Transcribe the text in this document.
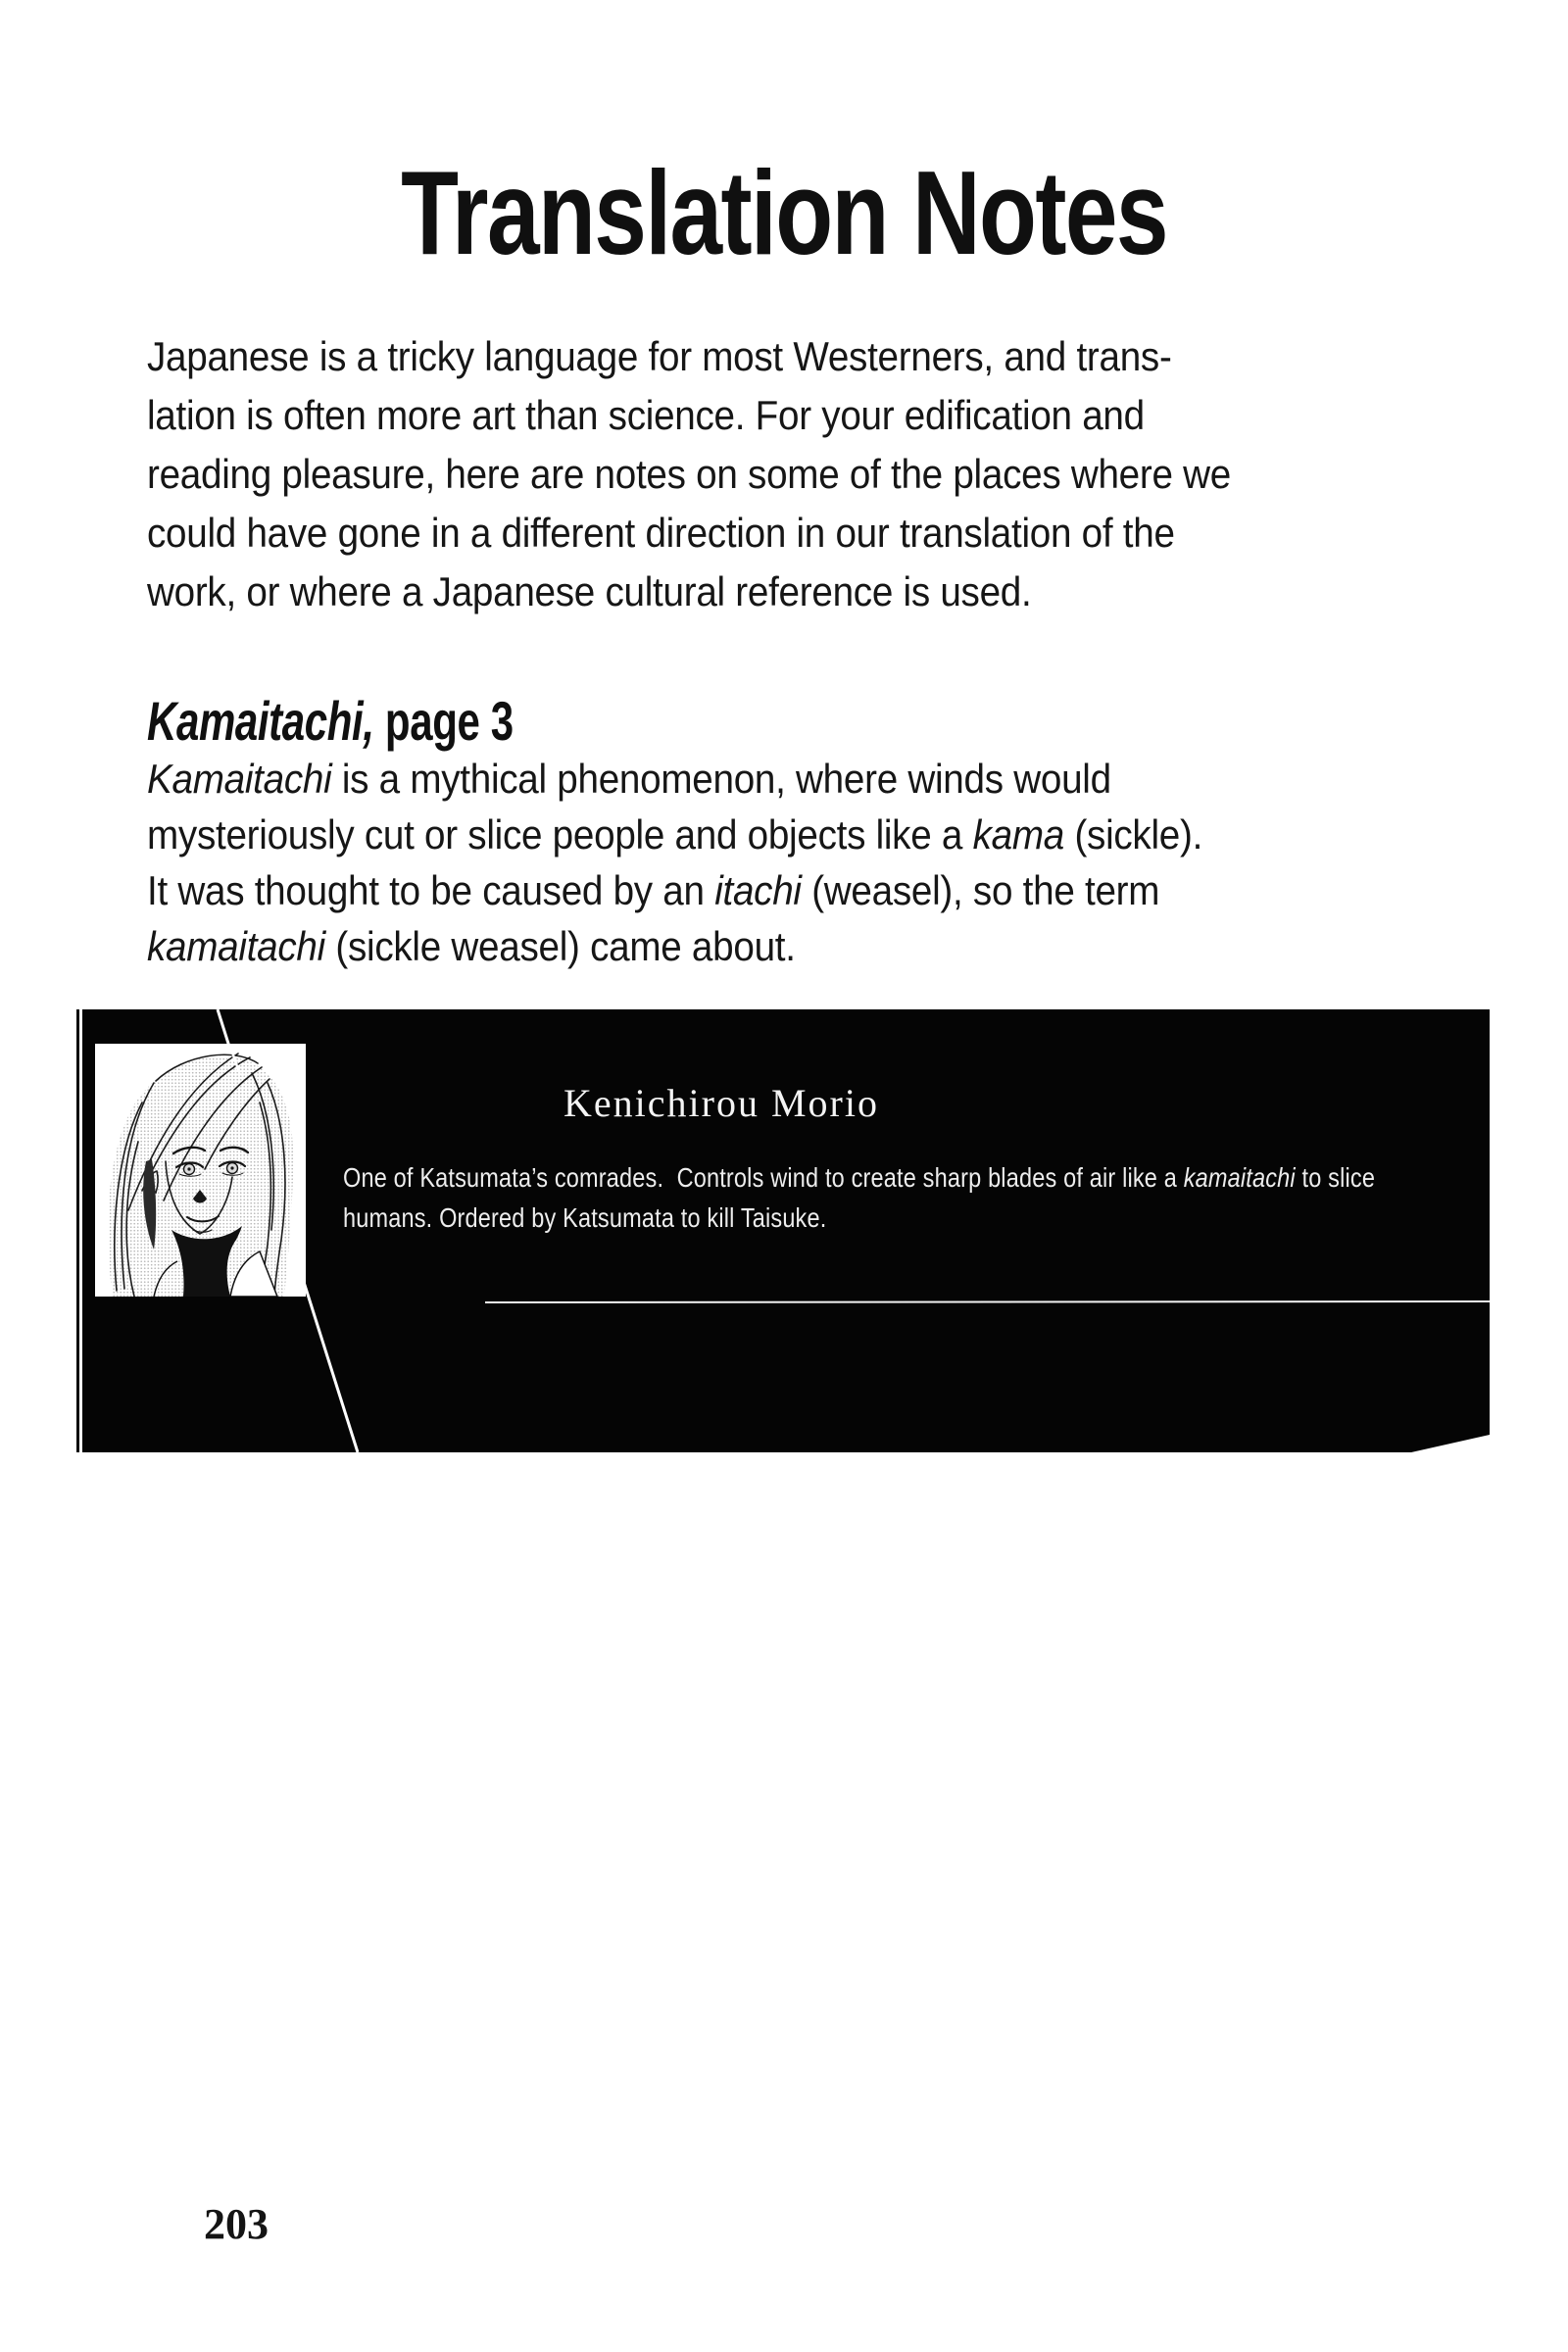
Translation Notes
Japanese is a tricky language for most Westerners, and trans-
lation is often more art than science. For your edification and
reading pleasure, here are notes on some of the places where we
could have gone in a different direction in our translation of the
work, or where a Japanese cultural reference is used.
Kamaitachi, page 3
Kamaitachi is a mythical phenomenon, where winds would
mysteriously cut or slice people and objects like a kama (sickle).
It was thought to be caused by an itachi (weasel), so the term
kamaitachi (sickle weasel) came about.
Kenichirou Morio
One of Katsumata’s comrades.  Controls wind to create sharp blades of air like a kamaitachi to slice
humans. Ordered by Katsumata to kill Taisuke.
203
